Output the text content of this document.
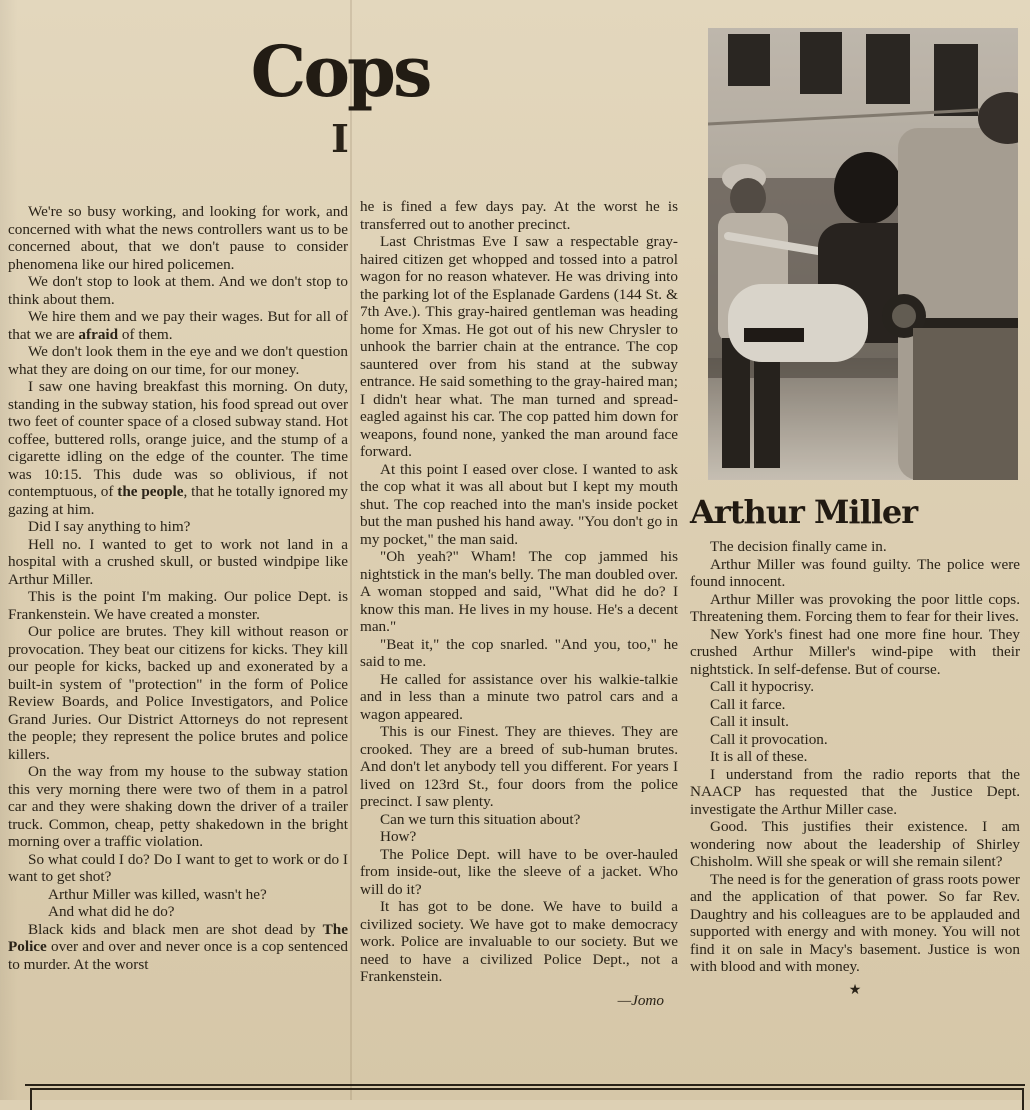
Cops
I

We're so busy working, and looking for work, and concerned with what the news controllers want us to be concerned about, that we don't pause to consider phenomena like our hired policemen.

We don't stop to look at them. And we don't stop to think about them.

We hire them and we pay their wages. But for all of that we are afraid of them.

We don't look them in the eye and we don't question what they are doing on our time, for our money.

I saw one having breakfast this morning. On duty, standing in the subway station, his food spread out over two feet of counter space of a closed subway stand. Hot coffee, buttered rolls, orange juice, and the stump of a cigarette idling on the edge of the counter. The time was 10:15. This dude was so oblivious, if not contemptuous, of the people, that he totally ignored my gazing at him.

Did I say anything to him?

Hell no. I wanted to get to work not land in a hospital with a crushed skull, or busted windpipe like Arthur Miller.

This is the point I'm making. Our police Dept. is Frankenstein. We have created a monster.

Our police are brutes. They kill without reason or provocation. They beat our citizens for kicks. They kill our people for kicks, backed up and exonerated by a built-in system of "protection" in the form of Police Review Boards, and Police Investigators, and Police Grand Juries. Our District Attorneys do not represent the people; they represent the police brutes and police killers.

On the way from my house to the subway station this very morning there were two of them in a patrol car and they were shaking down the driver of a trailer truck. Common, cheap, petty shakedown in the bright morning over a traffic violation.

So what could I do? Do I want to get to work or do I want to get shot?

Arthur Miller was killed, wasn't he?

And what did he do?

Black kids and black men are shot dead by The Police over and over and never once is a cop sentenced to murder. At the worst

he is fined a few days pay. At the worst he is transferred out to another precinct.

Last Christmas Eve I saw a respectable gray-haired citizen get whopped and tossed into a patrol wagon for no reason whatever. He was driving into the parking lot of the Esplanade Gardens (144 St. & 7th Ave.). This gray-haired gentleman was heading home for Xmas. He got out of his new Chrysler to unhook the barrier chain at the entrance. The cop sauntered over from his stand at the subway entrance. He said something to the gray-haired man; I didn't hear what. The man turned and spread-eagled against his car. The cop patted him down for weapons, found none, yanked the man around face forward.

At this point I eased over close. I wanted to ask the cop what it was all about but I kept my mouth shut. The cop reached into the man's inside pocket but the man pushed his hand away. "You don't go in my pocket," the man said.

"Oh yeah?" Wham! The cop jammed his nightstick in the man's belly. The man doubled over. A woman stopped and said, "What did he do? I know this man. He lives in my house. He's a decent man."

"Beat it," the cop snarled. "And you, too," he said to me.

He called for assistance over his walkie-talkie and in less than a minute two patrol cars and a wagon appeared.

This is our Finest. They are thieves. They are crooked. They are a breed of sub-human brutes. And don't let anybody tell you different. For years I lived on 123rd St., four doors from the police precinct. I saw plenty.

Can we turn this situation about?

How?

The Police Dept. will have to be over-hauled from inside-out, like the sleeve of a jacket. Who will do it?

It has got to be done. We have to build a civilized society. We have got to make democracy work. Police are invaluable to our society. But we need to have a civilized Police Dept., not a Frankenstein.

—Jomo
Arthur Miller

The decision finally came in.

Arthur Miller was found guilty. The police were found innocent.

Arthur Miller was provoking the poor little cops. Threatening them. Forcing them to fear for their lives.

New York's finest had one more fine hour. They crushed Arthur Miller's wind-pipe with their nightstick. In self-defense. But of course.

Call it hypocrisy.

Call it farce.

Call it insult.

Call it provocation.

It is all of these.

I understand from the radio reports that the NAACP has requested that the Justice Dept. investigate the Arthur Miller case.

Good. This justifies their existence. I am wondering now about the leadership of Shirley Chisholm. Will she speak or will she remain silent?

The need is for the generation of grass roots power and the application of that power. So far Rev. Daughtry and his colleagues are to be applauded and supported with energy and with money. You will not find it on sale in Macy's basement. Justice is won with blood and with money.

★
